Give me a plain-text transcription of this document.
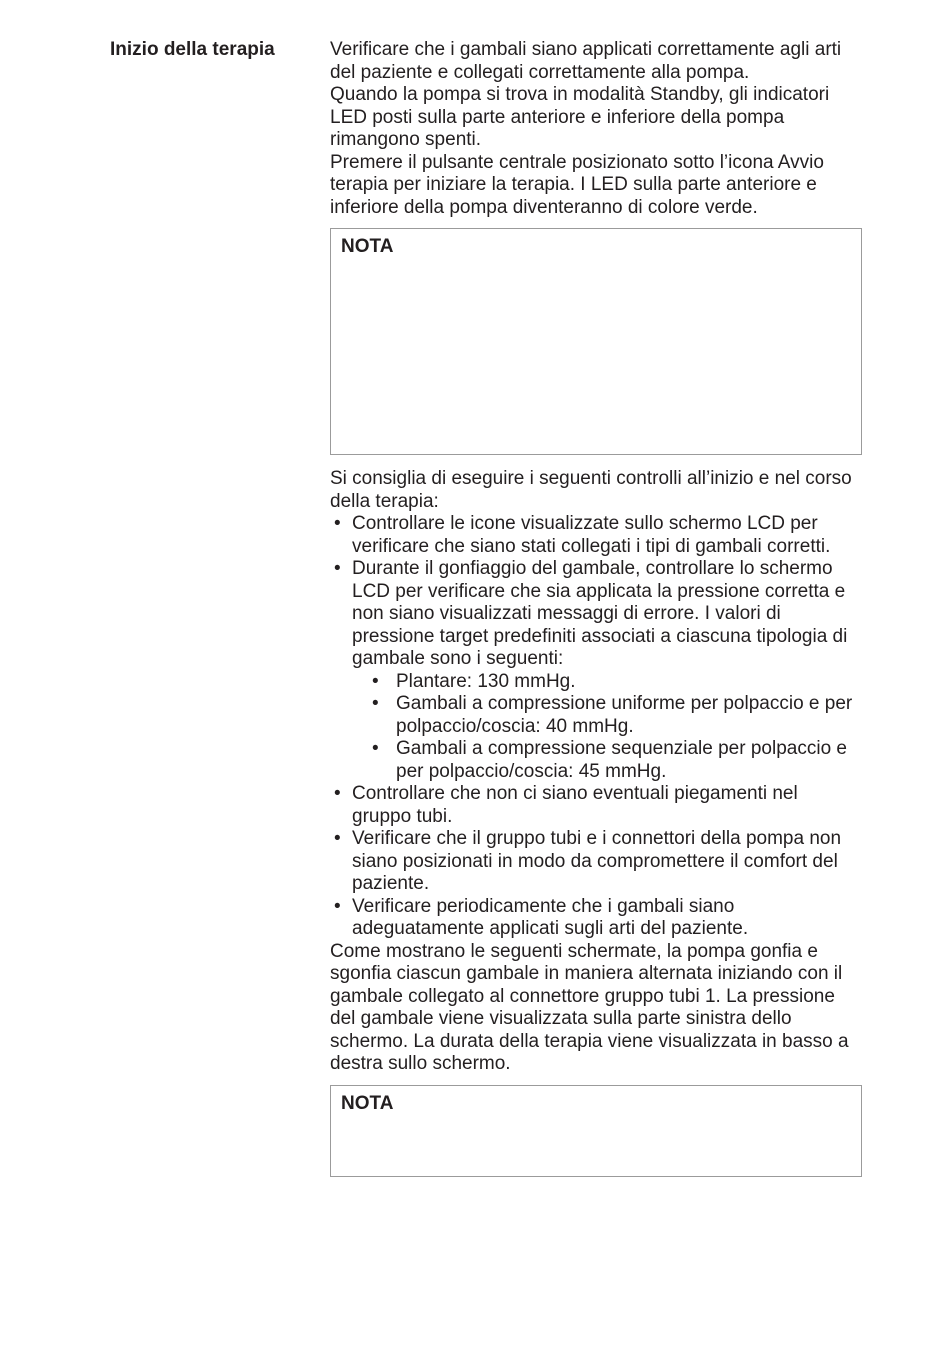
Inizio della terapia	Verificare che i gambali siano applicati correttamente agli arti del paziente e collegati correttamente alla pompa.

Quando la pompa si trova in modalità Standby, gli indicatori LED posti sulla parte anteriore e inferiore della pompa rimangono spenti.

Premere il pulsante centrale posizionato sotto l’icona Avvio terapia per iniziare la terapia. I LED sulla parte anteriore e inferiore della pompa diventeranno di colore verde.

NOTA

Si consiglia di eseguire i seguenti controlli all’inizio e nel corso della terapia:

• Controllare le icone visualizzate sullo schermo LCD per verificare che siano stati collegati i tipi di gambali corretti.
• Durante il gonfiaggio del gambale, controllare lo schermo LCD per verificare che sia applicata la pressione corretta e non siano visualizzati messaggi di errore. I valori di pressione target predefiniti associati a ciascuna tipologia di gambale sono i seguenti:
• Plantare: 130 mmHg.
• Gambali a compressione uniforme per polpaccio e per polpaccio/coscia: 40 mmHg.
• Gambali a compressione sequenziale per polpaccio e per polpaccio/coscia: 45 mmHg.
• Controllare che non ci siano eventuali piegamenti nel gruppo tubi.
• Verificare che il gruppo tubi e i connettori della pompa non siano posizionati in modo da compromettere il comfort del paziente.
• Verificare periodicamente che i gambali siano adeguatamente applicati sugli arti del paziente.

Come mostrano le seguenti schermate, la pompa gonfia e sgonfia ciascun gambale in maniera alternata iniziando con il gambale collegato al connettore gruppo tubi 1. La pressione del gambale viene visualizzata sulla parte sinistra dello schermo. La durata della terapia viene visualizzata in basso a destra sullo schermo.

NOTA
